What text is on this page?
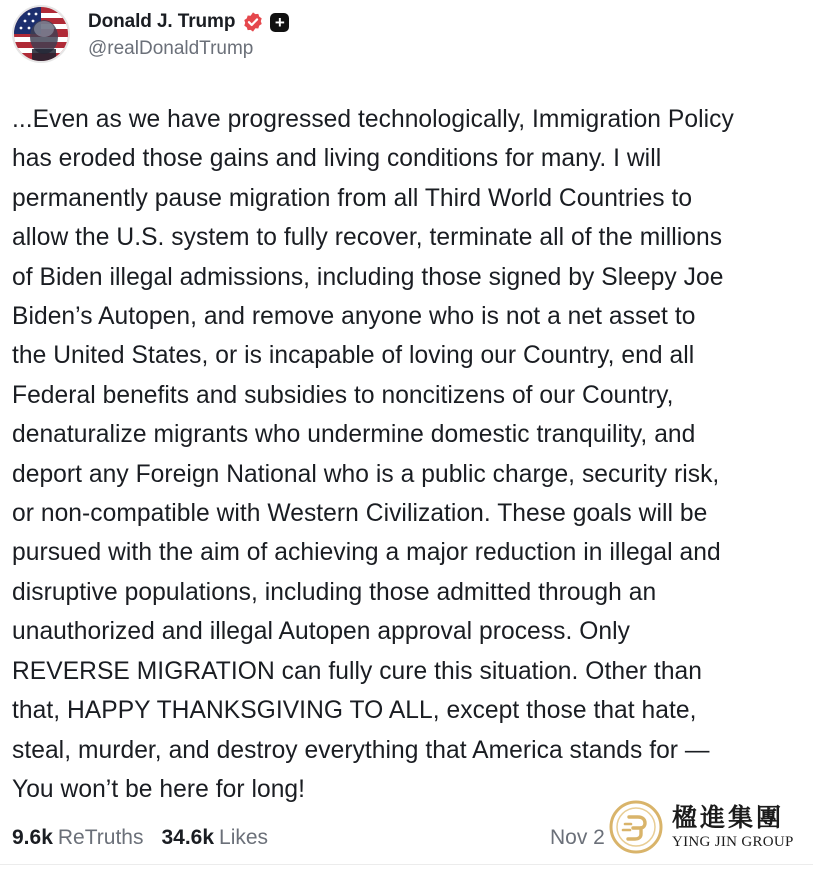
Donald J. Trump +
@realDonaldTrump
...Even as we have progressed technologically, Immigration Policy
has eroded those gains and living conditions for many. I will
permanently pause migration from all Third World Countries to
allow the U.S. system to fully recover, terminate all of the millions
of Biden illegal admissions, including those signed by Sleepy Joe
Biden’s Autopen, and remove anyone who is not a net asset to
the United States, or is incapable of loving our Country, end all
Federal benefits and subsidies to noncitizens of our Country,
denaturalize migrants who undermine domestic tranquility, and
deport any Foreign National who is a public charge, security risk,
or non-compatible with Western Civilization. These goals will be
pursued with the aim of achieving a major reduction in illegal and
disruptive populations, including those admitted through an
unauthorized and illegal Autopen approval process. Only
REVERSE MIGRATION can fully cure this situation. Other than
that, HAPPY THANKSGIVING TO ALL, except those that hate,
steal, murder, and destroy everything that America stands for —
You won’t be here for long!
9.6k ReTruths 34.6k Likes	Nov 2
楹進集團
YING JIN GROUP
